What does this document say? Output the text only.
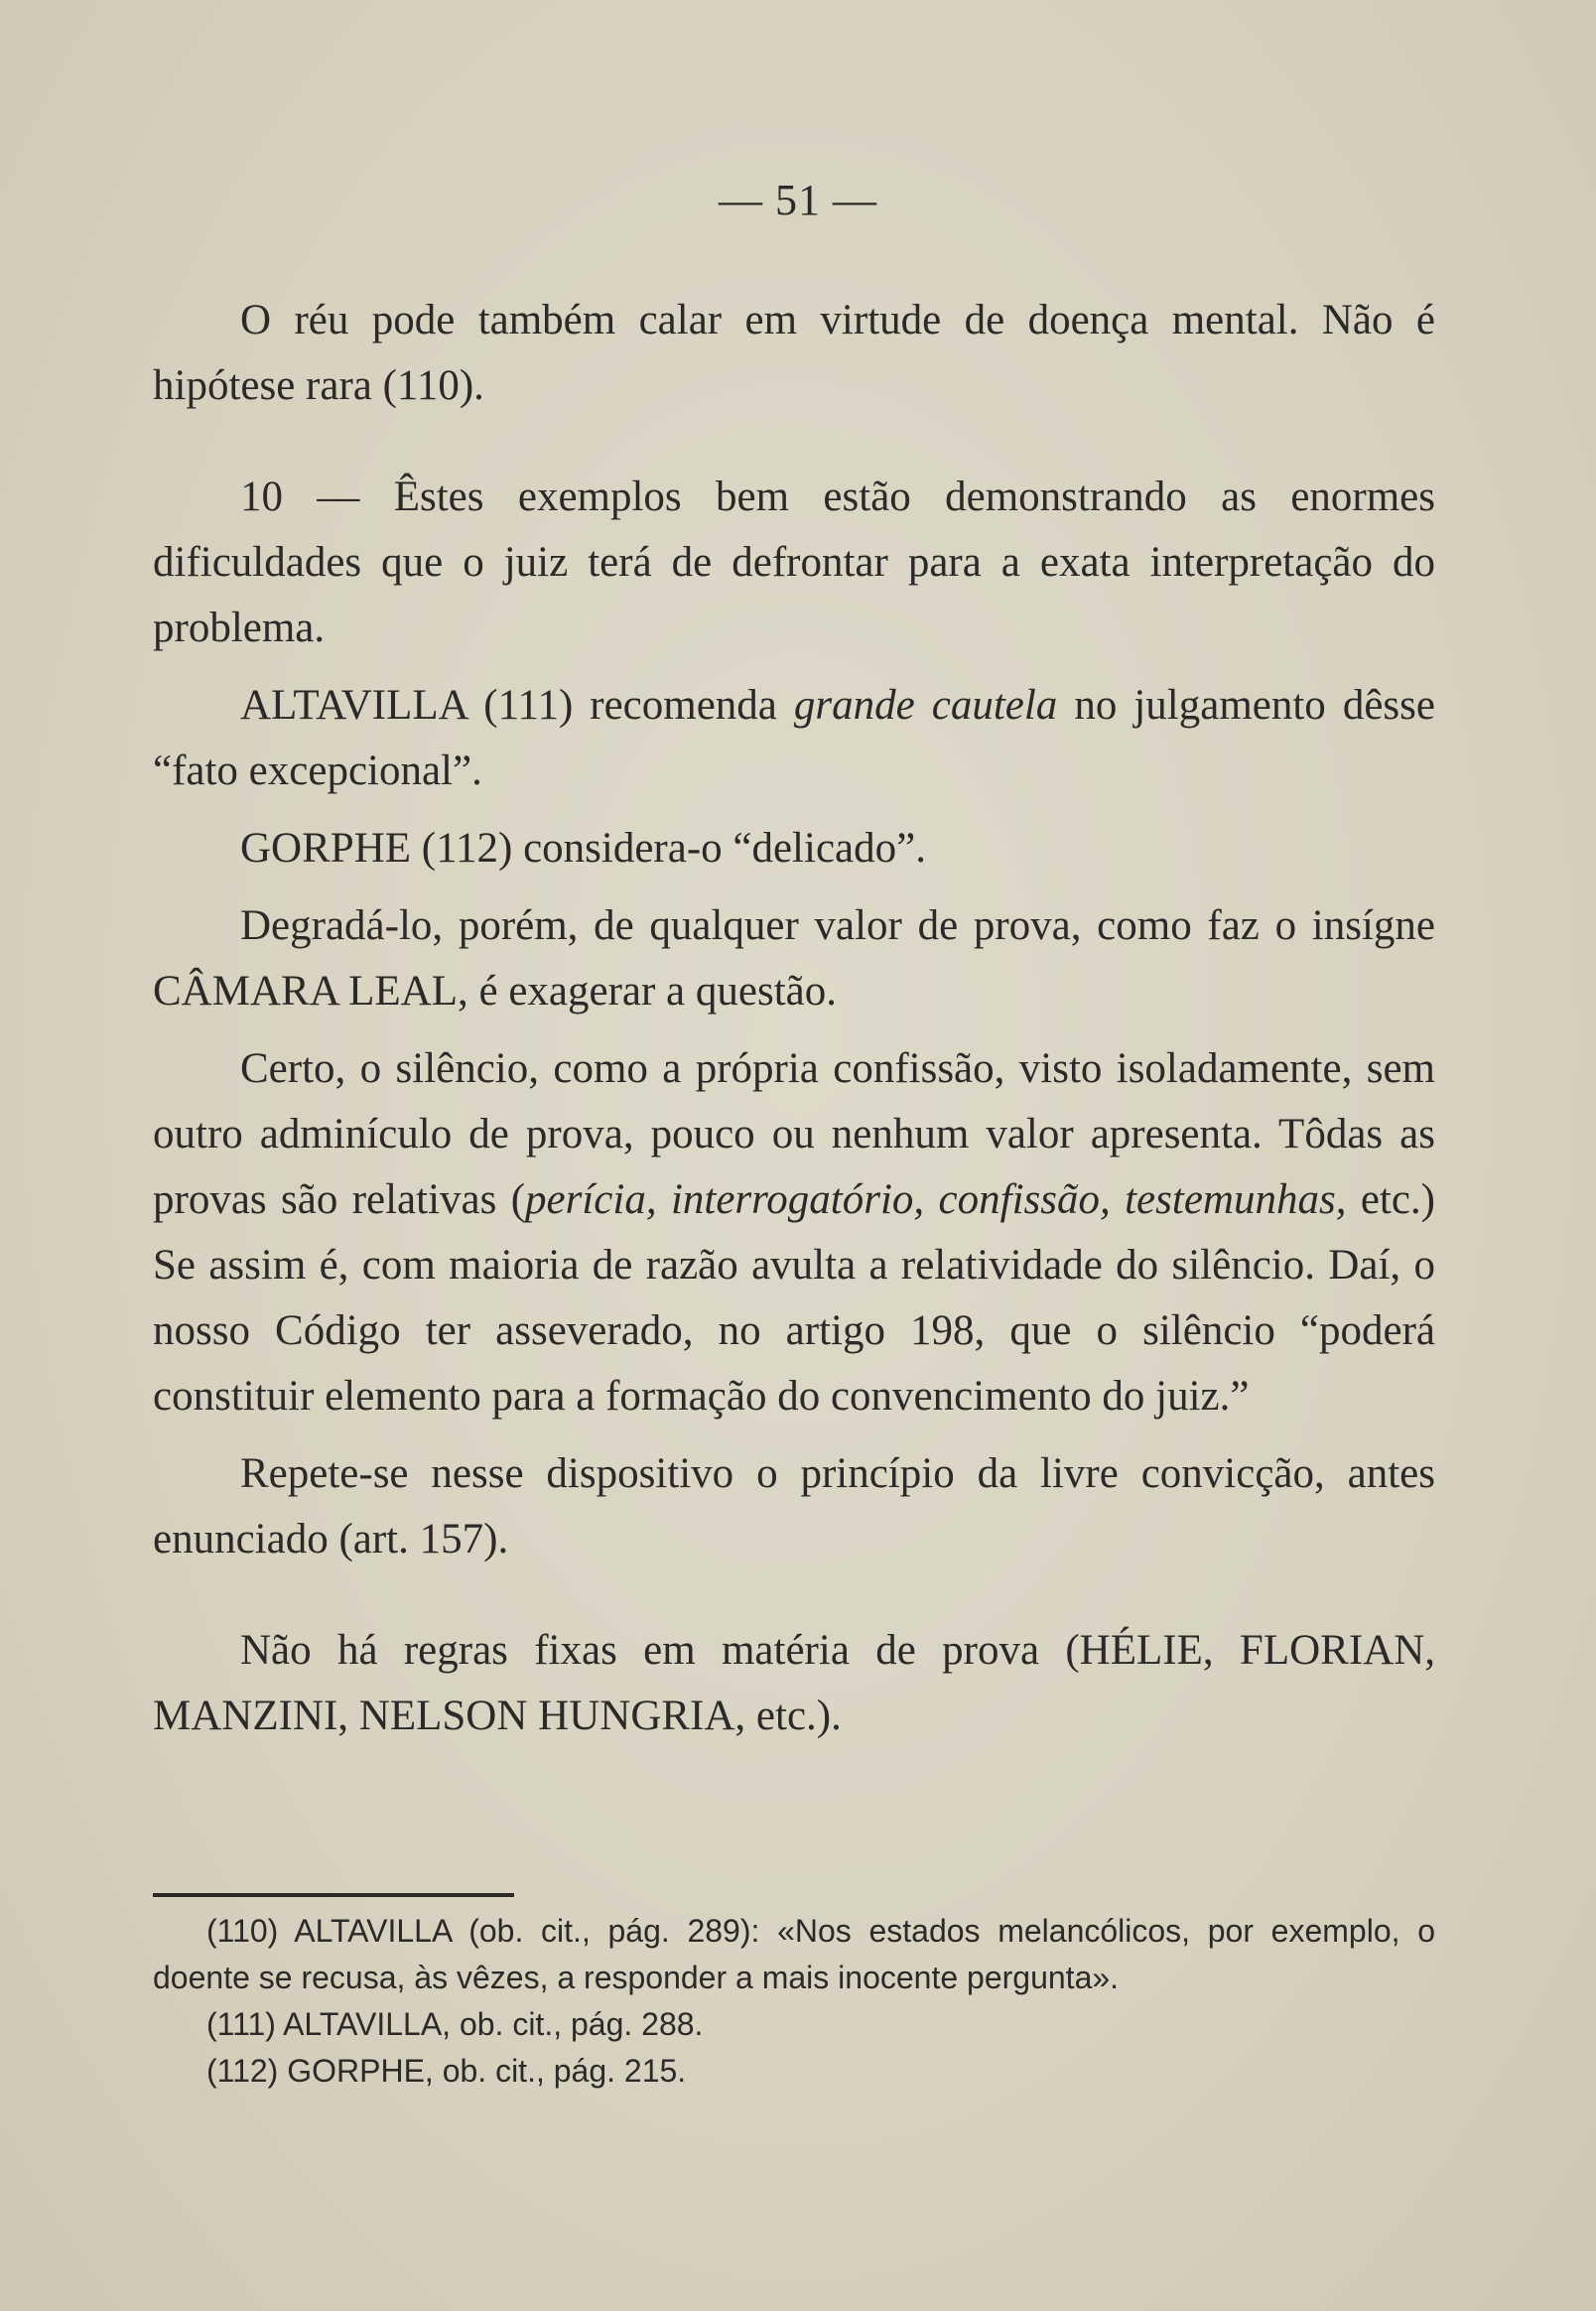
— 51 —

O réu pode também calar em virtude de doença mental. Não é hipótese rara (110).

10 — Êstes exemplos bem estão demonstrando as enormes dificuldades que o juiz terá de defrontar para a exata interpretação do problema.

ALTAVILLA (111) recomenda grande cautela no julgamento dêsse “fato excepcional”.

GORPHE (112) considera-o “delicado”.

Degradá-lo, porém, de qualquer valor de prova, como faz o insígne CÂMARA LEAL, é exagerar a questão.

Certo, o silêncio, como a própria confissão, visto isoladamente, sem outro adminículo de prova, pouco ou nenhum valor apresenta. Tôdas as provas são relativas (perícia, interrogatório, confissão, testemunhas, etc.) Se assim é, com maioria de razão avulta a relatividade do silêncio. Daí, o nosso Código ter asseverado, no artigo 198, que o silêncio “poderá constituir elemento para a formação do convencimento do juiz.”

Repete-se nesse dispositivo o princípio da livre convicção, antes enunciado (art. 157).

Não há regras fixas em matéria de prova (HÉLIE, FLORIAN, MANZINI, NELSON HUNGRIA, etc.).

(110) ALTAVILLA (ob. cit., pág. 289): «Nos estados melancólicos, por exemplo, o doente se recusa, às vêzes, a responder a mais inocente pergunta».

(111) ALTAVILLA, ob. cit., pág. 288.

(112) GORPHE, ob. cit., pág. 215.
